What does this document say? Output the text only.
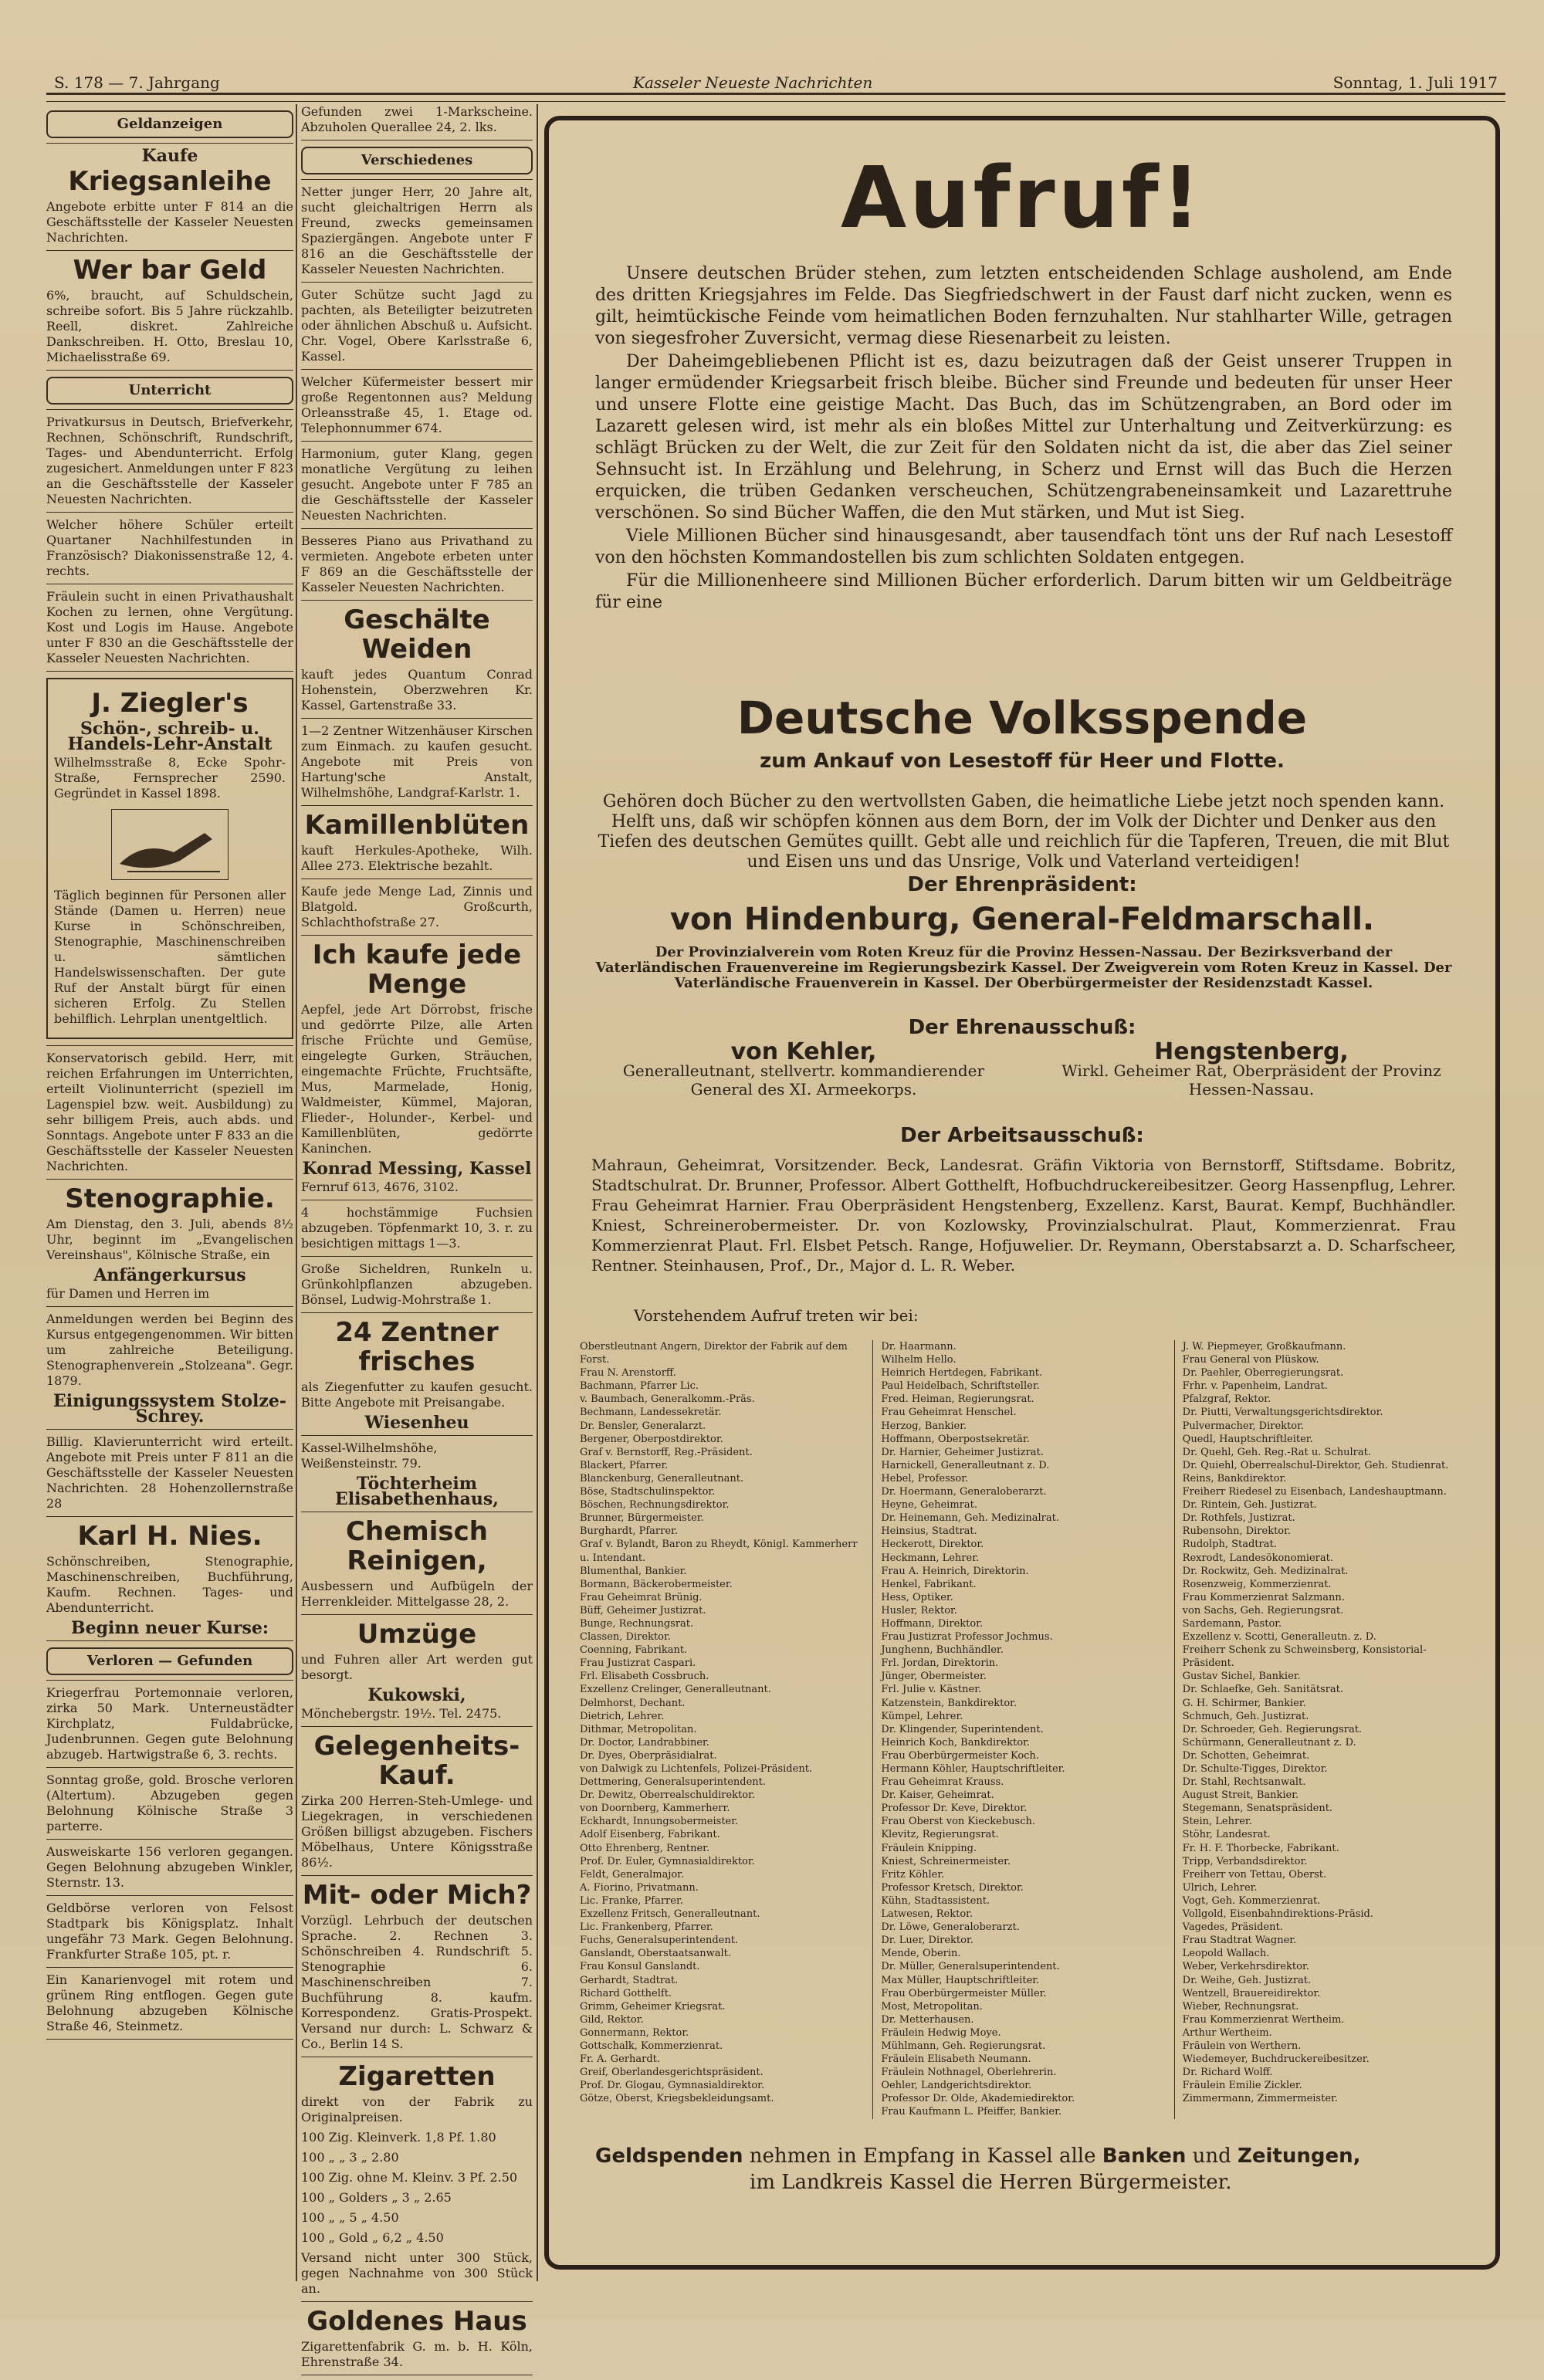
S. 178 — 7. Jahrgang	Kasseler Neueste Nachrichten	Sonntag, 1. Juli 1917
Geldanzeigen
Kaufe
Kriegsanleihe
Angebote erbitte unter F 814 an die Geschäftsstelle der Kasseler Neuesten Nachrichten.
Wer bar Geld
6%, braucht, auf Schuldschein, schreibe sofort. Bis 5 Jahre rückzahlb. Reell, diskret. Zahlreiche Dankschreiben. H. Otto, Breslau 10, Michaelisstraße 69.
Unterricht
Privatkursus in Deutsch, Briefverkehr, Rechnen, Schönschrift, Rundschrift, Tages- und Abendunterricht. Erfolg zugesichert. Anmeldungen unter F 823 an die Geschäftsstelle der Kasseler Neuesten Nachrichten.
Welcher höhere Schüler erteilt Quartaner Nachhilfestunden in Französisch? Diakonissenstraße 12, 4. rechts.
Fräulein sucht in einen Privathaushalt Kochen zu lernen, ohne Vergütung. Kost und Logis im Hause. Angebote unter F 830 an die Geschäftsstelle der Kasseler Neuesten Nachrichten.
J. Ziegler's
Schön-, schreib- u. Handels-Lehr-Anstalt
Wilhelmsstraße 8, Ecke Spohr-Straße, Fernsprecher 2590. Gegründet in Kassel 1898.
Täglich beginnen für Personen aller Stände (Damen u. Herren) neue Kurse in Schönschreiben, Stenographie, Maschinenschreiben u. sämtlichen Handelswissenschaften. Der gute Ruf der Anstalt bürgt für einen sicheren Erfolg. Zu Stellen behilflich. Lehrplan unentgeltlich.
Konservatorisch gebild. Herr, mit reichen Erfahrungen im Unterrichten, erteilt Violinunterricht (speziell im Lagenspiel bzw. weit. Ausbildung) zu sehr billigem Preis, auch abds. und Sonntags. Angebote unter F 833 an die Geschäftsstelle der Kasseler Neuesten Nachrichten.
Stenographie.
Am Dienstag, den 3. Juli, abends 8½ Uhr, beginnt im „Evangelischen Vereinshaus", Kölnische Straße, ein
Anfängerkursus
für Damen und Herren im
Anmeldungen werden bei Beginn des Kursus entgegengenommen. Wir bitten um zahlreiche Beteiligung. Stenographenverein „Stolzeana". Gegr. 1879.
Einigungssystem Stolze-Schrey.
Billig. Klavierunterricht wird erteilt. Angebote mit Preis unter F 811 an die Geschäftsstelle der Kasseler Neuesten Nachrichten. 28 Hohenzollernstraße 28
Karl H. Nies.
Schönschreiben, Stenographie, Maschinenschreiben, Buchführung, Kaufm. Rechnen. Tages- und Abendunterricht.
Beginn neuer Kurse:
Verloren — Gefunden
Kriegerfrau Portemonnaie verloren, zirka 50 Mark. Unterneustädter Kirchplatz, Fuldabrücke, Judenbrunnen. Gegen gute Belohnung abzugeb. Hartwigstraße 6, 3. rechts.
Sonntag große, gold. Brosche verloren (Altertum). Abzugeben gegen Belohnung Kölnische Straße 3 parterre.
Ausweiskarte 156 verloren gegangen. Gegen Belohnung abzugeben Winkler, Sternstr. 13.
Geldbörse verloren von Felsost Stadtpark bis Königsplatz. Inhalt ungefähr 73 Mark. Gegen Belohnung. Frankfurter Straße 105, pt. r.
Ein Kanarienvogel mit rotem und grünem Ring entflogen. Gegen gute Belohnung abzugeben Kölnische Straße 46, Steinmetz.
Gefunden zwei 1-Markscheine. Abzuholen Querallee 24, 2. lks.
Verschiedenes
Netter junger Herr, 20 Jahre alt, sucht gleichaltrigen Herrn als Freund, zwecks gemeinsamen Spaziergängen. Angebote unter F 816 an die Geschäftsstelle der Kasseler Neuesten Nachrichten.
Guter Schütze sucht Jagd zu pachten, als Beteiligter beizutreten oder ähnlichen Abschuß u. Aufsicht. Chr. Vogel, Obere Karlsstraße 6, Kassel.
Welcher Küfermeister bessert mir große Regentonnen aus? Meldung Orleansstraße 45, 1. Etage od. Telephonnummer 674.
Harmonium, guter Klang, gegen monatliche Vergütung zu leihen gesucht. Angebote unter F 785 an die Geschäftsstelle der Kasseler Neuesten Nachrichten.
Besseres Piano aus Privathand zu vermieten. Angebote erbeten unter F 869 an die Geschäftsstelle der Kasseler Neuesten Nachrichten.
Geschälte Weiden
kauft jedes Quantum Conrad Hohenstein, Oberzwehren Kr. Kassel, Gartenstraße 33.
1—2 Zentner Witzenhäuser Kirschen zum Einmach. zu kaufen gesucht. Angebote mit Preis von Hartung'sche Anstalt, Wilhelmshöhe, Landgraf-Karlstr. 1.
Kamillenblüten
kauft Herkules-Apotheke, Wilh. Allee 273. Elektrische bezahlt.
Kaufe jede Menge Lad, Zinnis und Blatgold. Großcurth, Schlachthofstraße 27.
Ich kaufe jede Menge
Aepfel, jede Art Dörrobst, frische und gedörrte Pilze, alle Arten frische Früchte und Gemüse, eingelegte Gurken, Sträuchen, eingemachte Früchte, Fruchtsäfte, Mus, Marmelade, Honig, Waldmeister, Kümmel, Majoran, Flieder-, Holunder-, Kerbel- und Kamillenblüten, gedörrte Kaninchen.
Konrad Messing, Kassel
Fernruf 613, 4676, 3102.
4 hochstämmige Fuchsien abzugeben. Töpfenmarkt 10, 3. r. zu besichtigen mittags 1—3.
Große Sicheldren, Runkeln u. Grünkohlpflanzen abzugeben. Bönsel, Ludwig-Mohrstraße 1.
24 Zentner frisches
als Ziegenfutter zu kaufen gesucht. Bitte Angebote mit Preisangabe.
Wiesenheu
Kassel-Wilhelmshöhe, Weißensteinstr. 79.
Töchterheim Elisabethenhaus,
Chemisch Reinigen,
Ausbessern und Aufbügeln der Herrenkleider. Mittelgasse 28, 2.
Umzüge
und Fuhren aller Art werden gut besorgt.
Kukowski,
Mönchebergstr. 19½. Tel. 2475.
Gelegenheits-Kauf.
Zirka 200 Herren-Steh-Umlege- und Liegekragen, in verschiedenen Größen billigst abzugeben. Fischers Möbelhaus, Untere Königsstraße 86½.
Mit- oder Mich?
Vorzügl. Lehrbuch der deutschen Sprache. 2. Rechnen 3. Schönschreiben 4. Rundschrift 5. Stenographie 6. Maschinenschreiben 7. Buchführung 8. kaufm. Korrespondenz. Gratis-Prospekt. Versand nur durch: L. Schwarz & Co., Berlin 14 S.
Zigaretten
direkt von der Fabrik zu Originalpreisen.
100 Zig. Kleinverk. 1,8 Pf. 1.80
100 „ „ 3 „ 2.80
100 Zig. ohne M. Kleinv. 3 Pf. 2.50
100 „ Golders „ 3 „ 2.65
100 „ „ 5 „ 4.50
100 „ Gold „ 6,2 „ 4.50
Versand nicht unter 300 Stück, gegen Nachnahme von 300 Stück an.
Goldenes Haus
Zigarettenfabrik G. m. b. H. Köln, Ehrenstraße 34.
Aufruf!

Unsere deutschen Brüder stehen, zum letzten entscheidenden Schlage ausholend, am Ende des dritten Kriegsjahres im Felde. Das Siegfriedschwert in der Faust darf nicht zucken, wenn es gilt, heimtückische Feinde vom heimatlichen Boden fernzuhalten. Nur stahlharter Wille, getragen von siegesfroher Zuversicht, vermag diese Riesenarbeit zu leisten.

Der Daheimgebliebenen Pflicht ist es, dazu beizutragen daß der Geist unserer Truppen in langer ermüdender Kriegsarbeit frisch bleibe. Bücher sind Freunde und bedeuten für unser Heer und unsere Flotte eine geistige Macht. Das Buch, das im Schützengraben, an Bord oder im Lazarett gelesen wird, ist mehr als ein bloßes Mittel zur Unterhaltung und Zeitverkürzung: es schlägt Brücken zu der Welt, die zur Zeit für den Soldaten nicht da ist, die aber das Ziel seiner Sehnsucht ist. In Erzählung und Belehrung, in Scherz und Ernst will das Buch die Herzen erquicken, die trüben Gedanken verscheuchen, Schützengrabeneinsamkeit und Lazarettruhe verschönen. So sind Bücher Waffen, die den Mut stärken, und Mut ist Sieg.

Viele Millionen Bücher sind hinausgesandt, aber tausendfach tönt uns der Ruf nach Lesestoff von den höchsten Kommandostellen bis zum schlichten Soldaten entgegen.

Für die Millionenheere sind Millionen Bücher erforderlich. Darum bitten wir um Geldbeiträge für eine

Deutsche Volksspende
zum Ankauf von Lesestoff für Heer und Flotte.
Gehören doch Bücher zu den wertvollsten Gaben, die heimatliche Liebe jetzt noch spenden kann. Helft uns, daß wir schöpfen können aus dem Born, der im Volk der Dichter und Denker aus den Tiefen des deutschen Gemütes quillt. Gebt alle und reichlich für die Tapferen, Treuen, die mit Blut und Eisen uns und das Unsrige, Volk und Vaterland verteidigen!
Der Ehrenpräsident:
von Hindenburg, General-Feldmarschall.
Der Provinzialverein vom Roten Kreuz für die Provinz Hessen-Nassau. Der Bezirksverband der Vaterländischen Frauenvereine im Regierungsbezirk Kassel. Der Zweigverein vom Roten Kreuz in Kassel. Der Vaterländische Frauenverein in Kassel. Der Oberbürgermeister der Residenzstadt Kassel.
Der Ehrenausschuß:
von Kehler,
Generalleutnant, stellvertr. kommandierender General des XI. Armeekorps.
Hengstenberg,
Wirkl. Geheimer Rat, Oberpräsident der Provinz Hessen-Nassau.
Der Arbeitsausschuß:
Mahraun, Geheimrat, Vorsitzender. Beck, Landesrat. Gräfin Viktoria von Bernstorff, Stiftsdame. Bobritz, Stadtschulrat. Dr. Brunner, Professor. Albert Gotthelft, Hofbuchdruckereibesitzer. Georg Hassenpflug, Lehrer. Frau Geheimrat Harnier. Frau Oberpräsident Hengstenberg, Exzellenz. Karst, Baurat. Kempf, Buchhändler. Kniest, Schreinerobermeister. Dr. von Kozlowsky, Provinzialschulrat. Plaut, Kommerzienrat. Frau Kommerzienrat Plaut. Frl. Elsbet Petsch. Range, Hofjuwelier. Dr. Reymann, Oberstabsarzt a. D. Scharfscheer, Rentner. Steinhausen, Prof., Dr., Major d. L. R. Weber.
Vorstehendem Aufruf treten wir bei:
Oberstleutnant Angern, Direktor der Fabrik auf dem Forst.
Frau N. Arenstorff.
Bachmann, Pfarrer Lic.
v. Baumbach, Generalkomm.-Präs.
Bechmann, Landessekretär.
Dr. Bensler, Generalarzt.
Bergener, Oberpostdirektor.
Graf v. Bernstorff, Reg.-Präsident.
Blackert, Pfarrer.
Blanckenburg, Generalleutnant.
Böse, Stadtschulinspektor.
Böschen, Rechnungsdirektor.
Brunner, Bürgermeister.
Burghardt, Pfarrer.
Graf v. Bylandt, Baron zu Rheydt, Königl. Kammerherr u. Intendant.
Blumenthal, Bankier.
Bormann, Bäckerobermeister.
Frau Geheimrat Brünig.
Büff, Geheimer Justizrat.
Bunge, Rechnungsrat.
Classen, Direktor.
Coenning, Fabrikant.
Frau Justizrat Caspari.
Frl. Elisabeth Cossbruch.
Exzellenz Crelinger, Generalleutnant.
Delmhorst, Dechant.
Dietrich, Lehrer.
Dithmar, Metropolitan.
Dr. Doctor, Landrabbiner.
Dr. Dyes, Oberpräsidialrat.
von Dalwigk zu Lichtenfels, Polizei-Präsident.
Dettmering, Generalsuperintendent.
Dr. Dewitz, Oberrealschuldirektor.
von Doornberg, Kammerherr.
Eckhardt, Innungsobermeister.
Adolf Eisenberg, Fabrikant.
Otto Ehrenberg, Rentner.
Prof. Dr. Euler, Gymnasialdirektor.
Feldt, Generalmajor.
A. Fiorino, Privatmann.
Lic. Franke, Pfarrer.
Exzellenz Fritsch, Generalleutnant.
Lic. Frankenberg, Pfarrer.
Fuchs, Generalsuperintendent.
Ganslandt, Oberstaatsanwalt.
Frau Konsul Ganslandt.
Gerhardt, Stadtrat.
Richard Gotthelft.
Grimm, Geheimer Kriegsrat.
Gild, Rektor.
Gonnermann, Rektor.
Gottschalk, Kommerzienrat.
Fr. A. Gerhardt.
Greif, Oberlandesgerichtspräsident.
Prof. Dr. Glogau, Gymnasialdirektor.
Götze, Oberst, Kriegsbekleidungsamt.
Dr. Haarmann.
Wilhelm Hello.
Heinrich Hertdegen, Fabrikant.
Paul Heidelbach, Schriftsteller.
Fred. Heiman, Regierungsrat.
Frau Geheimrat Henschel.
Herzog, Bankier.
Hoffmann, Oberpostsekretär.
Dr. Harnier, Geheimer Justizrat.
Harnickell, Generalleutnant z. D.
Hebel, Professor.
Dr. Hoermann, Generaloberarzt.
Heyne, Geheimrat.
Dr. Heinemann, Geh. Medizinalrat.
Heinsius, Stadtrat.
Heckerott, Direktor.
Heckmann, Lehrer.
Frau A. Heinrich, Direktorin.
Henkel, Fabrikant.
Hess, Optiker.
Husler, Rektor.
Hoffmann, Direktor.
Frau Justizrat Professor Jochmus.
Junghenn, Buchhändler.
Frl. Jordan, Direktorin.
Jünger, Obermeister.
Frl. Julie v. Kästner.
Katzenstein, Bankdirektor.
Kümpel, Lehrer.
Dr. Klingender, Superintendent.
Heinrich Koch, Bankdirektor.
Frau Oberbürgermeister Koch.
Hermann Köhler, Hauptschriftleiter.
Frau Geheimrat Krauss.
Dr. Kaiser, Geheimrat.
Professor Dr. Keve, Direktor.
Frau Oberst von Kieckebusch.
Klevitz, Regierungsrat.
Fräulein Knipping.
Kniest, Schreinermeister.
Fritz Köhler.
Professor Kretsch, Direktor.
Kühn, Stadtassistent.
Latwesen, Rektor.
Dr. Löwe, Generaloberarzt.
Dr. Luer, Direktor.
Mende, Oberin.
Dr. Müller, Generalsuperintendent.
Max Müller, Hauptschriftleiter.
Frau Oberbürgermeister Müller.
Most, Metropolitan.
Dr. Metterhausen.
Fräulein Hedwig Moye.
Mühlmann, Geh. Regierungsrat.
Fräulein Elisabeth Neumann.
Fräulein Nothnagel, Oberlehrerin.
Oehler, Landgerichtsdirektor.
Professor Dr. Olde, Akademiedirektor.
Frau Kaufmann L. Pfeiffer, Bankier.
J. W. Piepmeyer, Großkaufmann.
Frau General von Plüskow.
Dr. Paehler, Oberregierungsrat.
Frhr. v. Papenheim, Landrat.
Pfalzgraf, Rektor.
Dr. Piutti, Verwaltungsgerichtsdirektor.
Pulvermacher, Direktor.
Quedl, Hauptschriftleiter.
Dr. Quehl, Geh. Reg.-Rat u. Schulrat.
Dr. Quiehl, Oberrealschul-Direktor, Geh. Studienrat.
Reins, Bankdirektor.
Freiherr Riedesel zu Eisenbach, Landeshauptmann.
Dr. Rintein, Geh. Justizrat.
Dr. Rothfels, Justizrat.
Rubensohn, Direktor.
Rudolph, Stadtrat.
Rexrodt, Landesökonomierat.
Dr. Rockwitz, Geh. Medizinalrat.
Rosenzweig, Kommerzienrat.
Frau Kommerzienrat Salzmann.
von Sachs, Geh. Regierungsrat.
Sardemann, Pastor.
Exzellenz v. Scotti, Generalleutn. z. D.
Freiherr Schenk zu Schweinsberg, Konsistorial-Präsident.
Gustav Sichel, Bankier.
Dr. Schlaefke, Geh. Sanitätsrat.
G. H. Schirmer, Bankier.
Schmuch, Geh. Justizrat.
Dr. Schroeder, Geh. Regierungsrat.
Schürmann, Generalleutnant z. D.
Dr. Schotten, Geheimrat.
Dr. Schulte-Tigges, Direktor.
Dr. Stahl, Rechtsanwalt.
August Streit, Bankier.
Stegemann, Senatspräsident.
Stein, Lehrer.
Stöhr, Landesrat.
Fr. H. F. Thorbecke, Fabrikant.
Tripp, Verbandsdirektor.
Freiherr von Tettau, Oberst.
Ulrich, Lehrer.
Vogt, Geh. Kommerzienrat.
Vollgold, Eisenbahndirektions-Präsid.
Vagedes, Präsident.
Frau Stadtrat Wagner.
Leopold Wallach.
Weber, Verkehrsdirektor.
Dr. Weihe, Geh. Justizrat.
Wentzell, Brauereidirektor.
Wieber, Rechnungsrat.
Frau Kommerzienrat Wertheim.
Arthur Wertheim.
Fräulein von Werthern.
Wiedemeyer, Buchdruckereibesitzer.
Dr. Richard Wolff.
Fräulein Emilie Zickler.
Zimmermann, Zimmermeister.
Geldspenden nehmen in Empfang in Kassel alle Banken und Zeitungen,
im Landkreis Kassel die Herren Bürgermeister.
